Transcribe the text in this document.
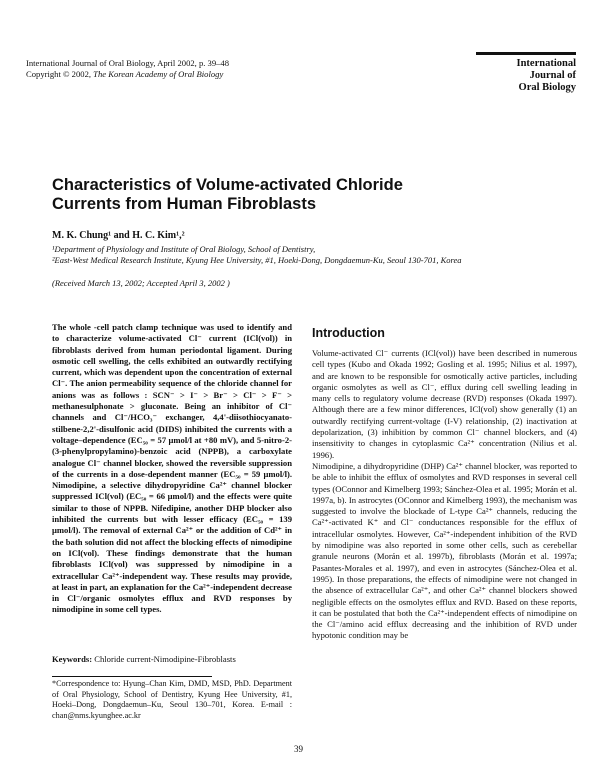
International Journal of Oral Biology, April 2002, p. 39–48
Copyright © 2002, The Korean Academy of Oral Biology
International
Journal of
Oral Biology
Characteristics of Volume-activated Chloride Currents from Human Fibroblasts
M. K. Chung¹ and H. C. Kim¹,²
¹Department of Physiology and Institute of Oral Biology, School of Dentistry,
²East-West Medical Research Institute, Kyung Hee University, #1, Hoeki-Dong, Dongdaemun-Ku, Seoul 130-701, Korea
(Received March 13, 2002; Accepted April 3, 2002 )
The whole -cell patch clamp technique was used to identify and to characterize volume-activated Cl⁻ current (ICl(vol)) in fibroblasts derived from human periodontal ligament. During osmotic cell swelling, the cells exhibited an outwardly rectifying current, which was dependent upon the concentration of external Cl⁻. The anion permeability sequence of the chloride channel for anions was as follows : SCN⁻ > I⁻ > Br⁻ > Cl⁻ > F⁻ > methanesulphonate > gluconate. Being an inhibitor of Cl⁻ channels and Cl⁻/HCO₃⁻ exchanger, 4,4'-diisothiocyanato-stilbene-2,2'-disulfonic acid (DIDS) inhibited the currents with a voltage–dependence (EC₅₀ = 57 μmol/l at +80 mV), and 5-nitro-2-(3-phenylpropylamino)-benzoic acid (NPPB), a carboxylate analogue Cl⁻ channel blocker, showed the reversible suppression of the currents in a dose-dependent manner (EC₅₀ = 59 μmol/l). Nimodipine, a selective dihydropyridine Ca²⁺ channel blocker suppressed ICl(vol) (EC₅₀ = 66 μmol/l) and the effects were quite similar to those of NPPB. Nifedipine, another DHP blocker also inhibited the currents but with lesser efficacy (EC₅₀ = 139 μmol/l). The removal of external Ca²⁺ or the addition of Cd²⁺ in the bath solution did not affect the blocking effects of nimodipine on ICl(vol). These findings demonstrate that the human fibroblasts ICl(vol) was suppressed by nimodipine in a extracellular Ca²⁺-independent way. These results may provide, at least in part, an explanation for the Ca²⁺-independent decrease in Cl⁻/organic osmolytes efflux and RVD responses by nimodipine in some cell types.
Keywords: Chloride current-Nimodipine-Fibroblasts
*Correspondence to: Hyung–Chan Kim, DMD, MSD, PhD. Department of Oral Physiology, School of Dentistry, Kyung Hee University, #1, Hoeki–Dong, Dongdaemun–Ku, Seoul 130–701, Korea. E-mail : chan@nms.kyunghee.ac.kr
Introduction

Volume-activated Cl⁻ currents (ICl(vol)) have been described in numerous cell types (Kubo and Okada 1992; Gosling et al. 1995; Nilius et al. 1997), and are known to be responsible for osmotically active particles, including organic osmolytes as well as Cl⁻, efflux during cell swelling leading in many cells to regulatory volume decrease (RVD) responses (Okada 1997). Although there are a few minor differences, ICl(vol) show generally (1) an outwardly rectifying current-voltage (I-V) relationship, (2) inactivation at depolarization, (3) inhibition by common Cl⁻ channel blockers, and (4) insensitivity to changes in cytoplasmic Ca²⁺ concentration (Nilius et al. 1996).

Nimodipine, a dihydropyridine (DHP) Ca²⁺ channel blocker, was reported to be able to inhibit the efflux of osmolytes and RVD responses in several cell types (OConnor and Kimelberg 1993; Sánchez-Olea et al. 1995; Morán et al. 1997a, b). In astrocytes (OConnor and Kimelberg 1993), the mechanism was suggested to involve the blockade of L-type Ca²⁺ channels, reducing the Ca²⁺-activated K⁺ and Cl⁻ conductances responsible for the efflux of intracellular osmolytes. However, Ca²⁺-independent inhibition of the RVD by nimodipine was also reported in some other cells, such as cerebellar granule neurons (Morán et al. 1997b), fibroblasts (Morán et al. 1997a; Pasantes-Morales et al. 1997), and even in astrocytes (Sánchez-Olea et al. 1995). In those preparations, the effects of nimodipine were not changed in the absence of extracellular Ca²⁺, and other Ca²⁺ channel blockers showed negligible effects on the osmolytes efflux and RVD. Based on these reports, it can be postulated that both the Ca²⁺-independent effects of nimodipine on the Cl⁻/amino acid efflux decreasing and the inhibition of RVD under hypotonic condition may be

39
